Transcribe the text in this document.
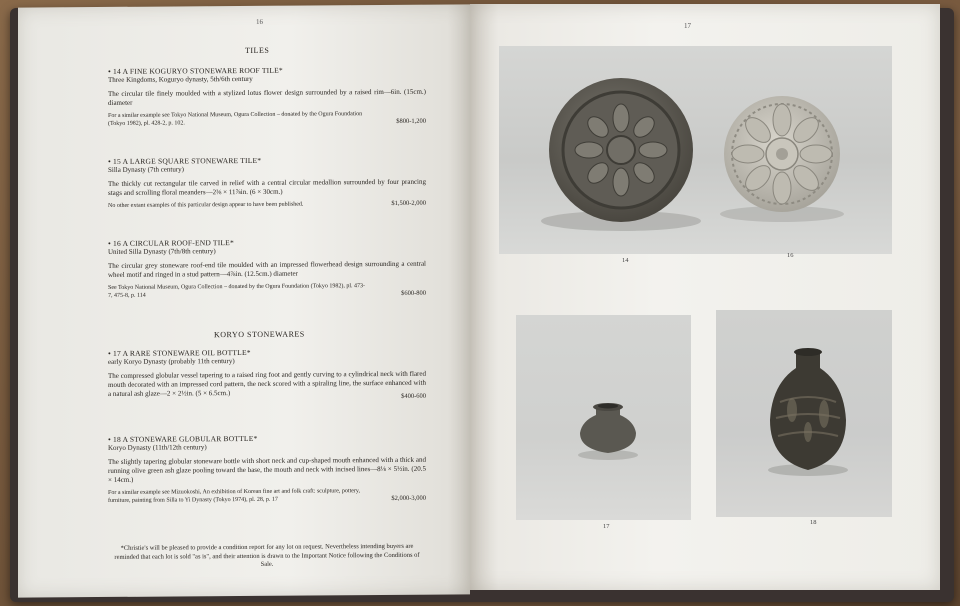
16
TILES
• 14 A FINE KOGURYO STONEWARE ROOF TILE*
Three Kingdoms, Koguryo dynasty, 5th/6th century
The circular tile finely moulded with a stylized lotus flower design surrounded by a raised rim—6in. (15cm.) diameter
For a similar example see Tokyo National Museum, Ogura Collection – donated by the Ogura Foundation (Tokyo 1982), pl. 428-2, p. 102.	$800-1,200
• 15 A LARGE SQUARE STONEWARE TILE*
Silla Dynasty (7th century)
The thickly cut rectangular tile carved in relief with a central circular medallion surrounded by four prancing stags and scrolling floral meanders—2⅜ × 11⅞in. (6 × 30cm.)
No other extant examples of this particular design appear to have been published.	$1,500-2,000
• 16 A CIRCULAR ROOF-END TILE*
United Silla Dynasty (7th/8th century)
The circular grey stoneware roof-end tile moulded with an impressed flowerhead design surrounding a central wheel motif and ringed in a stud pattern—4⅞in. (12.5cm.) diameter
See Tokyo National Museum, Ogura Collection – donated by the Ogura Foundation (Tokyo 1982), pl. 473-7, 475-8, p. 114	$600-800
KORYO STONEWARES
• 17 A RARE STONEWARE OIL BOTTLE*
early Koryo Dynasty (probably 11th century)
The compressed globular vessel tapering to a raised ring foot and gently curving to a cylindrical neck with flared mouth decorated with an impressed cord pattern, the neck scored with a spiraling line, the surface enhanced with a natural ash glaze—2 × 2½in. (5 × 6.5cm.)	$400-600
• 18 A STONEWARE GLOBULAR BOTTLE*
Koryo Dynasty (11th/12th century)
The slightly tapering globular stoneware bottle with short neck and cup-shaped mouth enhanced with a thick and running olive green ash glaze pooling toward the base, the mouth and neck with incised lines—8⅛ × 5½in. (20.5 × 14cm.)
For a similar example see Mizuokoshi, An exhibition of Korean fine art and folk craft: sculpture, pottery, furniture, painting from Silla to Yi Dynasty (Tokyo 1974), pl. 28, p. 17	$2,000-3,000
*Christie's will be pleased to provide a condition report for any lot on request. Nevertheless intending buyers are reminded that each lot is sold "as is", and their attention is drawn to the Important Notice following the Conditions of Sale.
17
14
16
17
18
